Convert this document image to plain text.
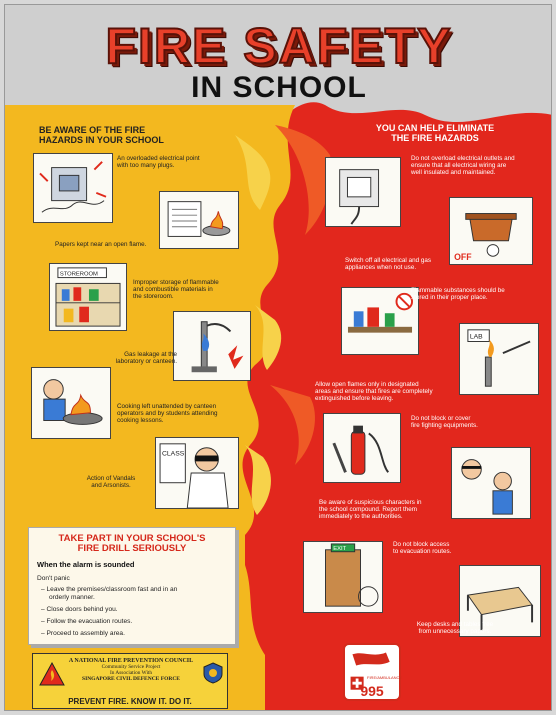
FIRE SAFETY
IN SCHOOL
BE AWARE OF THE FIRE
HAZARDS IN YOUR SCHOOL
YOU CAN HELP ELIMINATE
THE FIRE HAZARDS
An overloaded electrical point
with too many plugs.
Papers kept near an open flame.
STOREROOM
Improper storage of flammable
and combustible materials in
the storeroom.
Gas leakage at the
laboratory or canteen.
Cooking left unattended by canteen
operators and by students attending
cooking lessons.
CLASS
Action of Vandals
and Arsonists.
Do not overload electrical outlets and
ensure that all electrical wiring are
well insulated and maintained.
OFF
Switch off all electrical and gas
appliances when not use.
Flammable substances should be
stored in their proper place.
LAB
Allow open flames only in designated
areas and ensure that fires are completely
extinguished before leaving.
Do not block or cover
fire fighting equipments.
Be aware of suspicious characters in
the school compound. Report them
immediately to the authorities.
EXIT
Do not block access
to evacuation routes.
Keep desks and tables free
from unnecessary papers.
TAKE PART IN YOUR SCHOOL'S
FIRE DRILL SERIOUSLY
When the alarm is sounded
Don't panic
– Leave the premises/classroom fast and in an
orderly manner.
– Close doors behind you.
– Follow the evacuation routes.
– Proceed to assembly area.
A NATIONAL FIRE PREVENTION COUNCIL
Community Service Project
In Association With
SINGAPORE CIVIL DEFENCE FORCE
PREVENT FIRE. KNOW IT. DO IT.
FIRE/AMBULANCE
995
